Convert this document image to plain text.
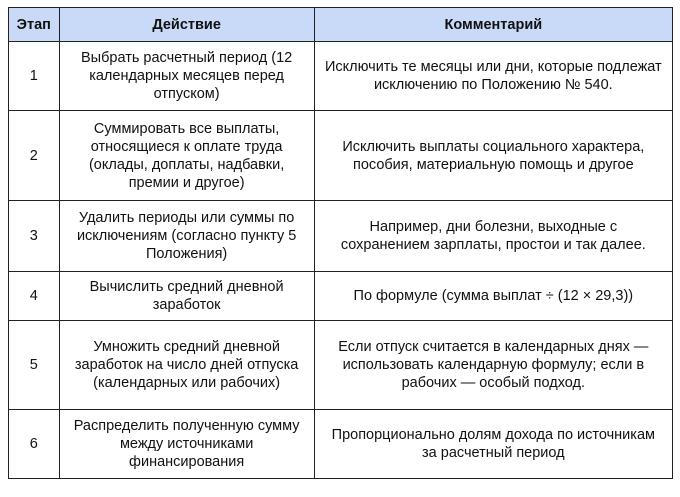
Этап	Действие	Комментарий
1	Выбрать расчетный период (12 календарных месяцев перед отпуском)	Исключить те месяцы или дни, которые подлежат исключению по Положению № 540.
2	Суммировать все выплаты, относящиеся к оплате труда (оклады, доплаты, надбавки, премии и другое)	Исключить выплаты социального характера, пособия, материальную помощь и другое
3	Удалить периоды или суммы по исключениям (согласно пункту 5 Положения)	Например, дни болезни, выходные с сохранением зарплаты, простои и так далее.
4	Вычислить средний дневной заработок	По формуле (сумма выплат ÷ (12 × 29,3))
5	Умножить средний дневной заработок на число дней отпуска (календарных или рабочих)	Если отпуск считается в календарных днях — использовать календарную формулу; если в рабочих — особый подход.
6	Распределить полученную сумму между источниками финансирования	Пропорционально долям дохода по источникам за расчетный период
